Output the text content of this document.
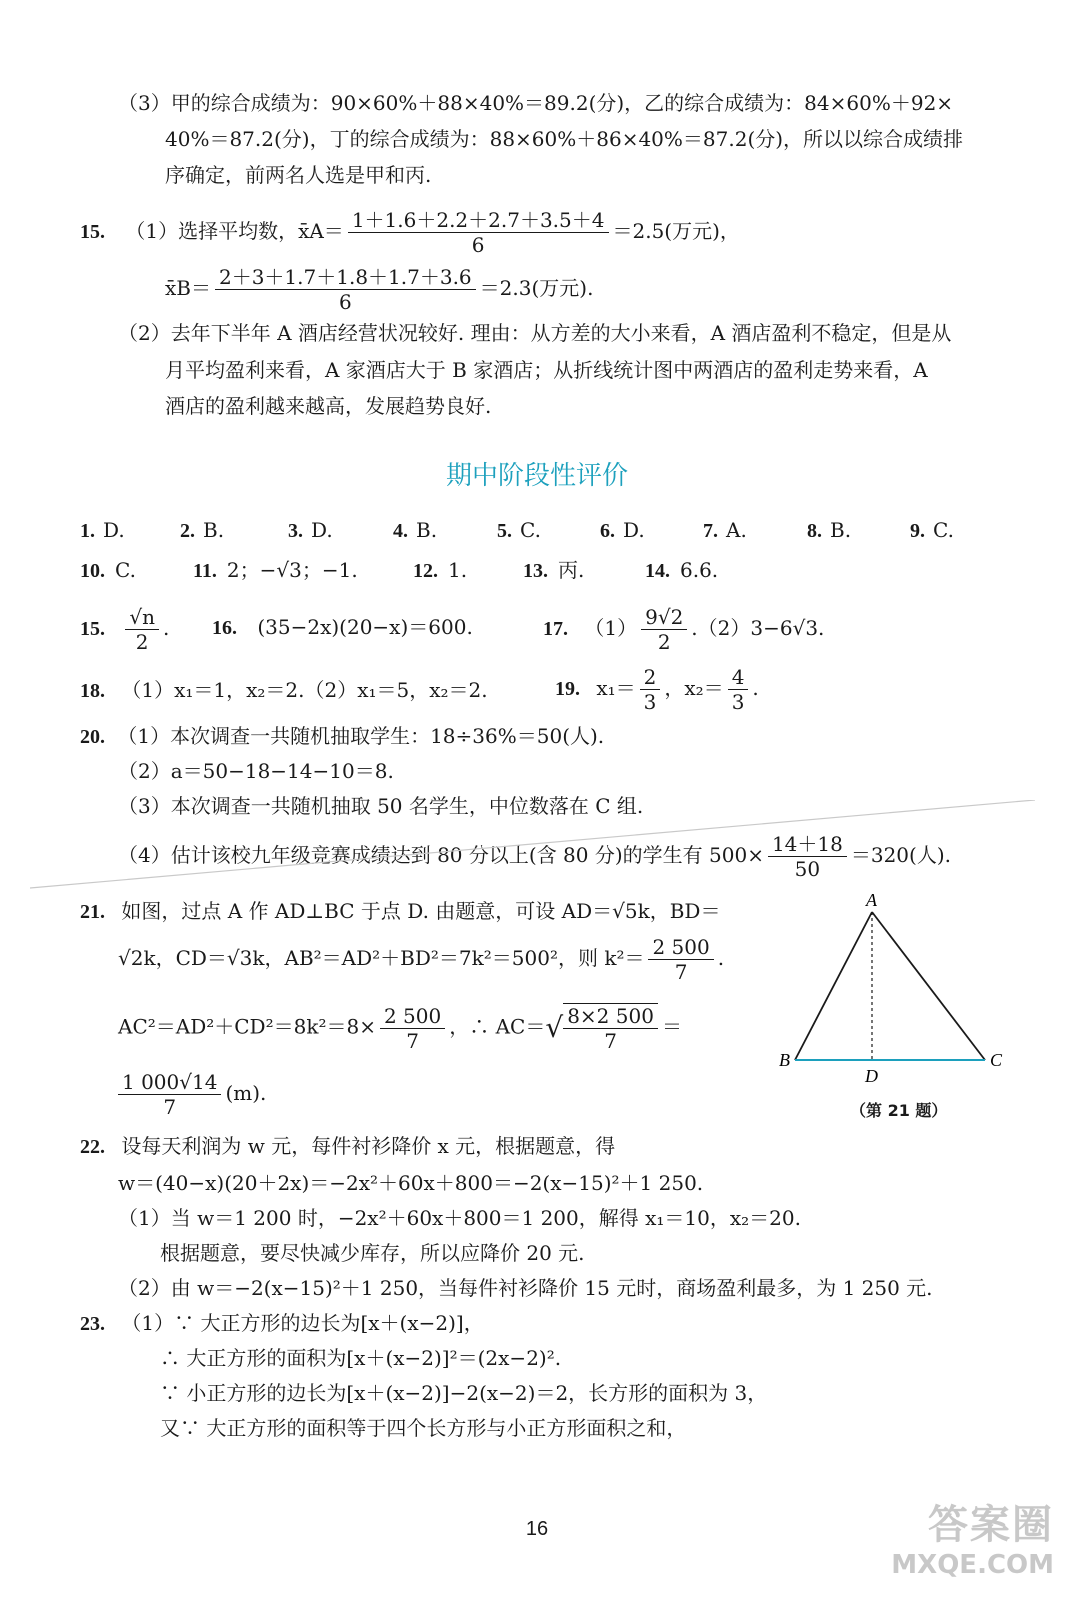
（3）甲的综合成绩为：90×60%＋88×40%＝89.2(分)，乙的综合成绩为：84×60%＋92×
40%＝87.2(分)，丁的综合成绩为：88×60%＋86×40%＝87.2(分)，所以以综合成绩排
序确定，前两名人选是甲和丙.
15. （1）选择平均数，x̄A＝ $\frac{1+1.6+2.2+2.7+3.5+4}{6} =2.5$(万元)，
x̄B＝ $\frac{2+3+1.7+1.8+1.7+3.6}{6} =2.3$(万元).
（2）去年下半年 A 酒店经营状况较好. 理由：从方差的大小来看，A 酒店盈利不稳定，但是从
月平均盈利来看，A 家酒店大于 B 家酒店；从折线统计图中两酒店的盈利走势来看，A
酒店的盈利越来越高，发展趋势良好.
期中阶段性评价
1. D.	2. B.	3. D.	4. B.	5. C.	6. D.	7. A.	8. B.	9. C.
10. C.	11. 2；−√3；−1.	12. 1.	13. 丙.	14. 6.6.
15. $\frac{√n}{2}$ . 16. (35−2x)(20−x)＝600.	17. $(1) \frac{9√2}{2} .(2)3-6√3$.
18. （1）x₁＝1，x₂＝2.（2）x₁＝5，x₂＝2.	19. $x_1= \frac{2}{3}$ ，$x_2= \frac{4}{3}$ .
20. （1）本次调查一共随机抽取学生：18÷36%＝50(人).
（2）a＝50−18−14−10＝8.
（3）本次调查一共随机抽取 50 名学生，中位数落在 C 组.
（4）估计该校九年级竞赛成绩达到 80 分以上(含 80 分)的学生有 $500\times \frac{14+18}{50} =320$(人).
21. 如图，过点 A 作 AD⊥BC 于点 D. 由题意，可设 AD＝√5k，BD＝
√2k，CD＝√3k，AB²＝AD²＋BD²＝7k²＝500²，则 $k^2= \frac{2 500}{7}$ .
$AC^2=AD^2+CD^2=8k^2=8\times \frac{2 500}{7}$ ，∴ $AC=√ \frac{8\times 2 500}{7}$ ＝
$\frac{1 000√14}{7} (m)$.
A
B	C
D
（第 21 题）
22. 设每天利润为 w 元，每件衬衫降价 x 元，根据题意，得
w＝(40−x)(20＋2x)＝−2x²＋60x＋800＝−2(x−15)²＋1 250.
（1）当 w＝1 200 时，−2x²＋60x＋800＝1 200，解得 x₁＝10，x₂＝20.
根据题意，要尽快减少库存，所以应降价 20 元.
（2）由 w＝−2(x−15)²＋1 250，当每件衬衫降价 15 元时，商场盈利最多，为 1 250 元.
23. （1）∵ 大正方形的边长为[x＋(x−2)]，
∴ 大正方形的面积为[x＋(x−2)]²＝(2x−2)².
∵ 小正方形的边长为[x＋(x−2)]−2(x−2)＝2，长方形的面积为 3，
又∵ 大正方形的面积等于四个长方形与小正方形面积之和，
16	答案圈
MXQE.COM
